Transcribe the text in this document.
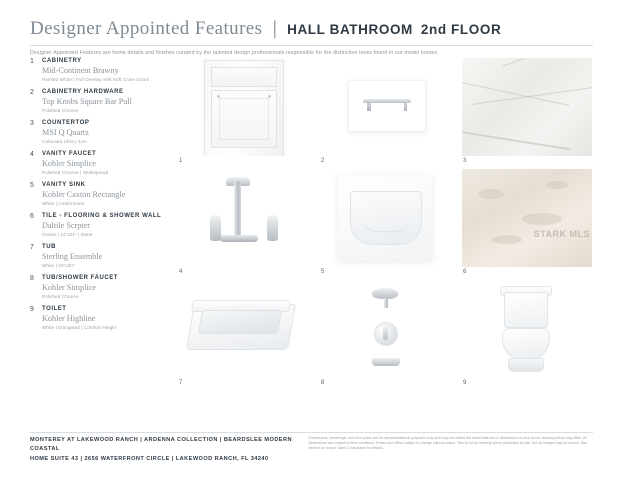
Designer Appointed Features | HALL BATHROOM 2nd FLOOR
Designer Appointed Features are home details and finishes curated by the talented design professionals responsible for the distinctive looks found in our model homes.
1	CABINETRY
Mid-Continent Brawny
Painted White | Full Overlay with Soft Close Doors
2	CABINETRY HARDWARE
Top Knobs Square Bar Pull
Polished Chrome
3	COUNTERTOP
MSI Q Quartz
Calacatta Ultra | 3cm
4	VANITY FAUCET
Kohler Simplice
Polished Chrome | Widespread
5	VANITY SINK
Kohler Caxton Rectangle
White | Undermount
6	TILE - FLOORING & SHOWER WALL
Daltile Scrpter
Oracle | 12"x24" | Matte
7	TUB
Sterling Ensemble
White | 60"x30"
8	TUB/SHOWER FAUCET
Kohler Simplice
Polished Chrome
9	TOILET
Kohler Highline
White | Elongated | Comfort Height
1	2	3
4	5
STARK MLS
6
7	8	9
MONTEREY AT LAKEWOOD RANCH | ARDENNA COLLECTION | BEARDSLEE MODERN COASTAL
HOME SUITE 43 | 2656 WATERFRONT CIRCLE | LAKEWOOD RANCH, FL 34240
Dimensions, renderings, and floor plans are for representational purposes only and may not reflect the exact features or dimensions of your home; actual product may differ. All dimensions are subject to field conditions. Prices and offers subject to change without notice. This is not an offering where prohibited by law. Not all images may be shown. See service or vendor Sales Consultants for details.
